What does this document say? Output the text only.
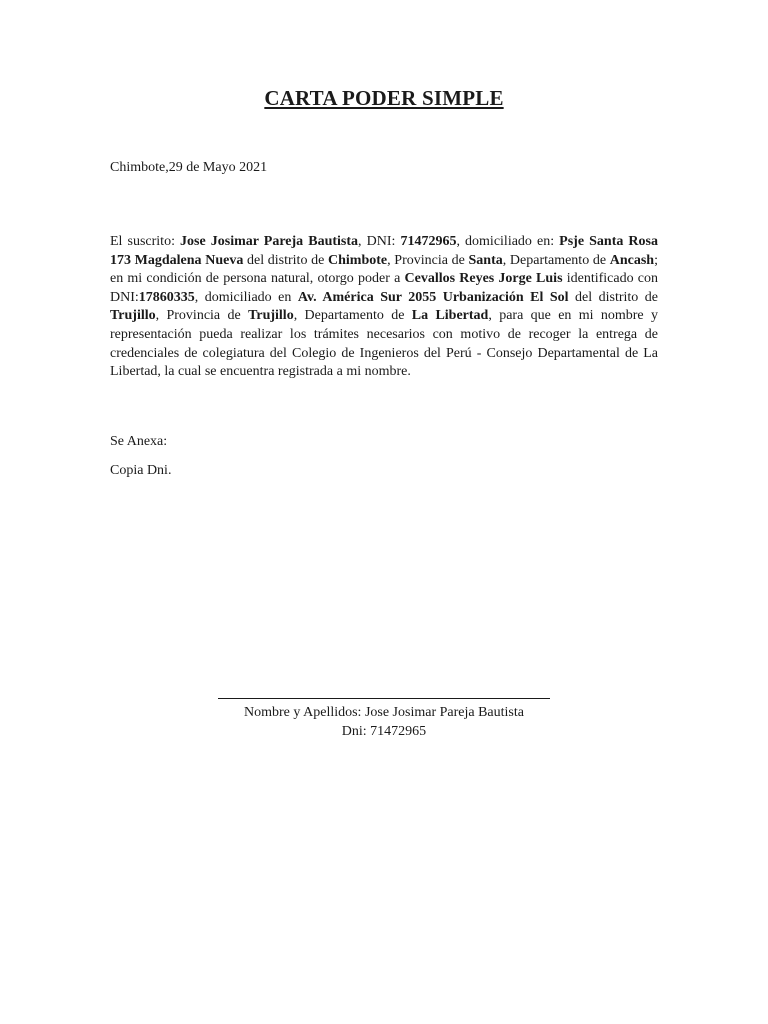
CARTA PODER SIMPLE
Chimbote,29 de Mayo 2021
El suscrito: Jose Josimar Pareja Bautista, DNI: 71472965, domiciliado en: Psje Santa Rosa 173 Magdalena Nueva del distrito de Chimbote, Provincia de Santa, Departamento de Ancash; en mi condición de persona natural, otorgo poder a Cevallos Reyes Jorge Luis identificado con DNI:17860335, domiciliado en Av. América Sur 2055 Urbanización El Sol del distrito de Trujillo, Provincia de Trujillo, Departamento de La Libertad, para que en mi nombre y representación pueda realizar los trámites necesarios con motivo de recoger la entrega de credenciales de colegiatura del Colegio de Ingenieros del Perú - Consejo Departamental de La Libertad, la cual se encuentra registrada a mi nombre.
Se Anexa:
Copia Dni.
Nombre y Apellidos: Jose Josimar Pareja Bautista
Dni: 71472965
